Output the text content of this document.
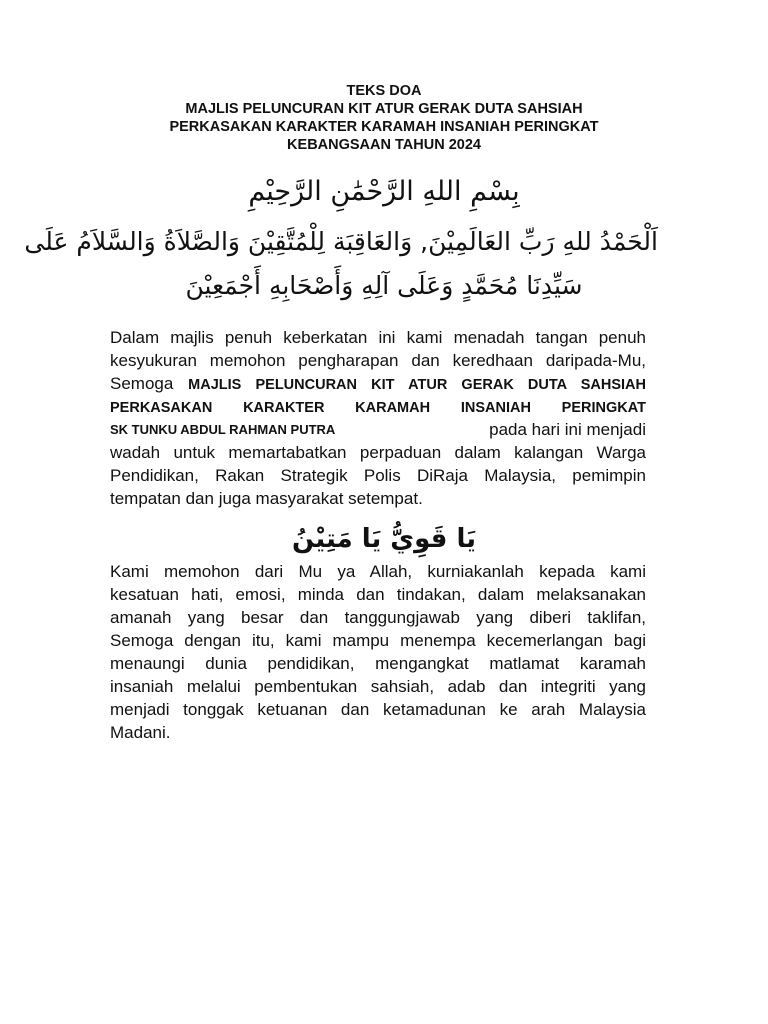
TEKS DOA
MAJLIS PELUNCURAN KIT ATUR GERAK DUTA SAHSIAH
PERKASAKAN KARAKTER KARAMAH INSANIAH PERINGKAT
KEBANGSAAN TAHUN 2024
بِسْمِ اللهِ الرَّحْمَٰنِ الرَّحِيْمِ
اَلْحَمْدُ للهِ رَبِّ العَالَمِيْنَ, وَالعَاقِبَة لِلْمُتَّقِيْنَ وَالصَّلاَةُ وَالسَّلاَمُ عَلَى
سَيِّدِنَا مُحَمَّدٍ وَعَلَى آلِهِ وَأَصْحَابِهِ أَجْمَعِيْنَ
Dalam majlis penuh keberkatan ini kami menadah tangan penuh
kesyukuran memohon pengharapan dan keredhaan daripada-Mu,
Semoga MAJLIS PELUNCURAN KIT ATUR GERAK DUTA SAHSIAH
PERKASAKAN KARAKTER KARAMAH INSANIAH PERINGKAT
SK TUNKU ABDUL RAHMAN PUTRA	pada hari ini menjadi
wadah untuk memartabatkan perpaduan dalam kalangan Warga
Pendidikan, Rakan Strategik Polis DiRaja Malaysia, pemimpin
tempatan dan juga masyarakat setempat.
يَا قَوِيُّ يَا مَتِيْنُ
Kami memohon dari Mu ya Allah, kurniakanlah kepada kami
kesatuan hati, emosi, minda dan tindakan, dalam melaksanakan
amanah yang besar dan tanggungjawab yang diberi taklifan,
Semoga dengan itu, kami mampu menempa kecemerlangan bagi
menaungi dunia pendidikan, mengangkat matlamat karamah
insaniah melalui pembentukan sahsiah, adab dan integriti yang
menjadi tonggak ketuanan dan ketamadunan ke arah Malaysia
Madani.
